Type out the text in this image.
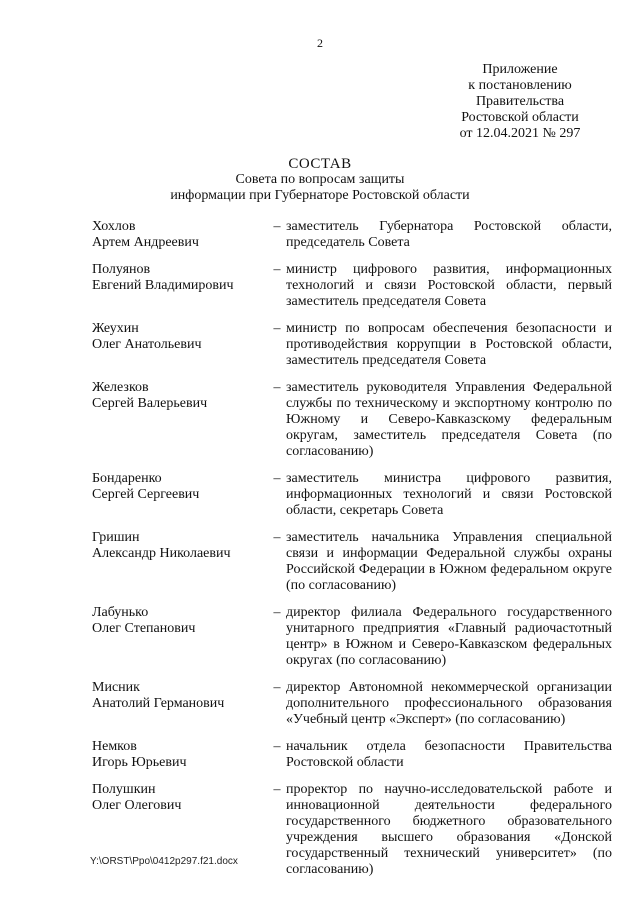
2
Приложение
к постановлению
Правительства
Ростовской области
от 12.04.2021 № 297
СОСТАВ
Совета по вопросам защиты
информации при Губернаторе Ростовской области
Хохлов
Артем Андреевич
– заместитель Губернатора Ростовской области, председатель Совета
Полуянов
Евгений Владимирович
– министр цифрового развития, информационных технологий и связи Ростовской области, первый заместитель председателя Совета
Жеухин
Олег Анатольевич
– министр по вопросам обеспечения безопасности и противодействия коррупции в Ростовской области, заместитель председателя Совета
Железков
Сергей Валерьевич
– заместитель руководителя Управления Федеральной службы по техническому и экспортному контролю по Южному и Северо-Кавказскому федеральным округам, заместитель председателя Совета (по согласованию)
Бондаренко
Сергей Сергеевич
– заместитель министра цифрового развития, информационных технологий и связи Ростовской области, секретарь Совета
Гришин
Александр Николаевич
– заместитель начальника Управления специальной связи и информации Федеральной службы охраны Российской Федерации в Южном федеральном округе (по согласованию)
Лабунько
Олег Степанович
– директор филиала Федерального государственного унитарного предприятия «Главный радиочастотный центр» в Южном и Северо-Кавказском федеральных округах (по согласованию)
Мисник
Анатолий Германович
– директор Автономной некоммерческой организации дополнительного профессионального образования «Учебный центр «Эксперт» (по согласованию)
Немков
Игорь Юрьевич
– начальник отдела безопасности Правительства Ростовской области
Полушкин
Олег Олегович
– проректор по научно-исследовательской работе и инновационной деятельности федерального государственного бюджетного образовательного учреждения высшего образования «Донской государственный технический университет» (по согласованию)
Y:\ORST\Ppo\0412p297.f21.docx
